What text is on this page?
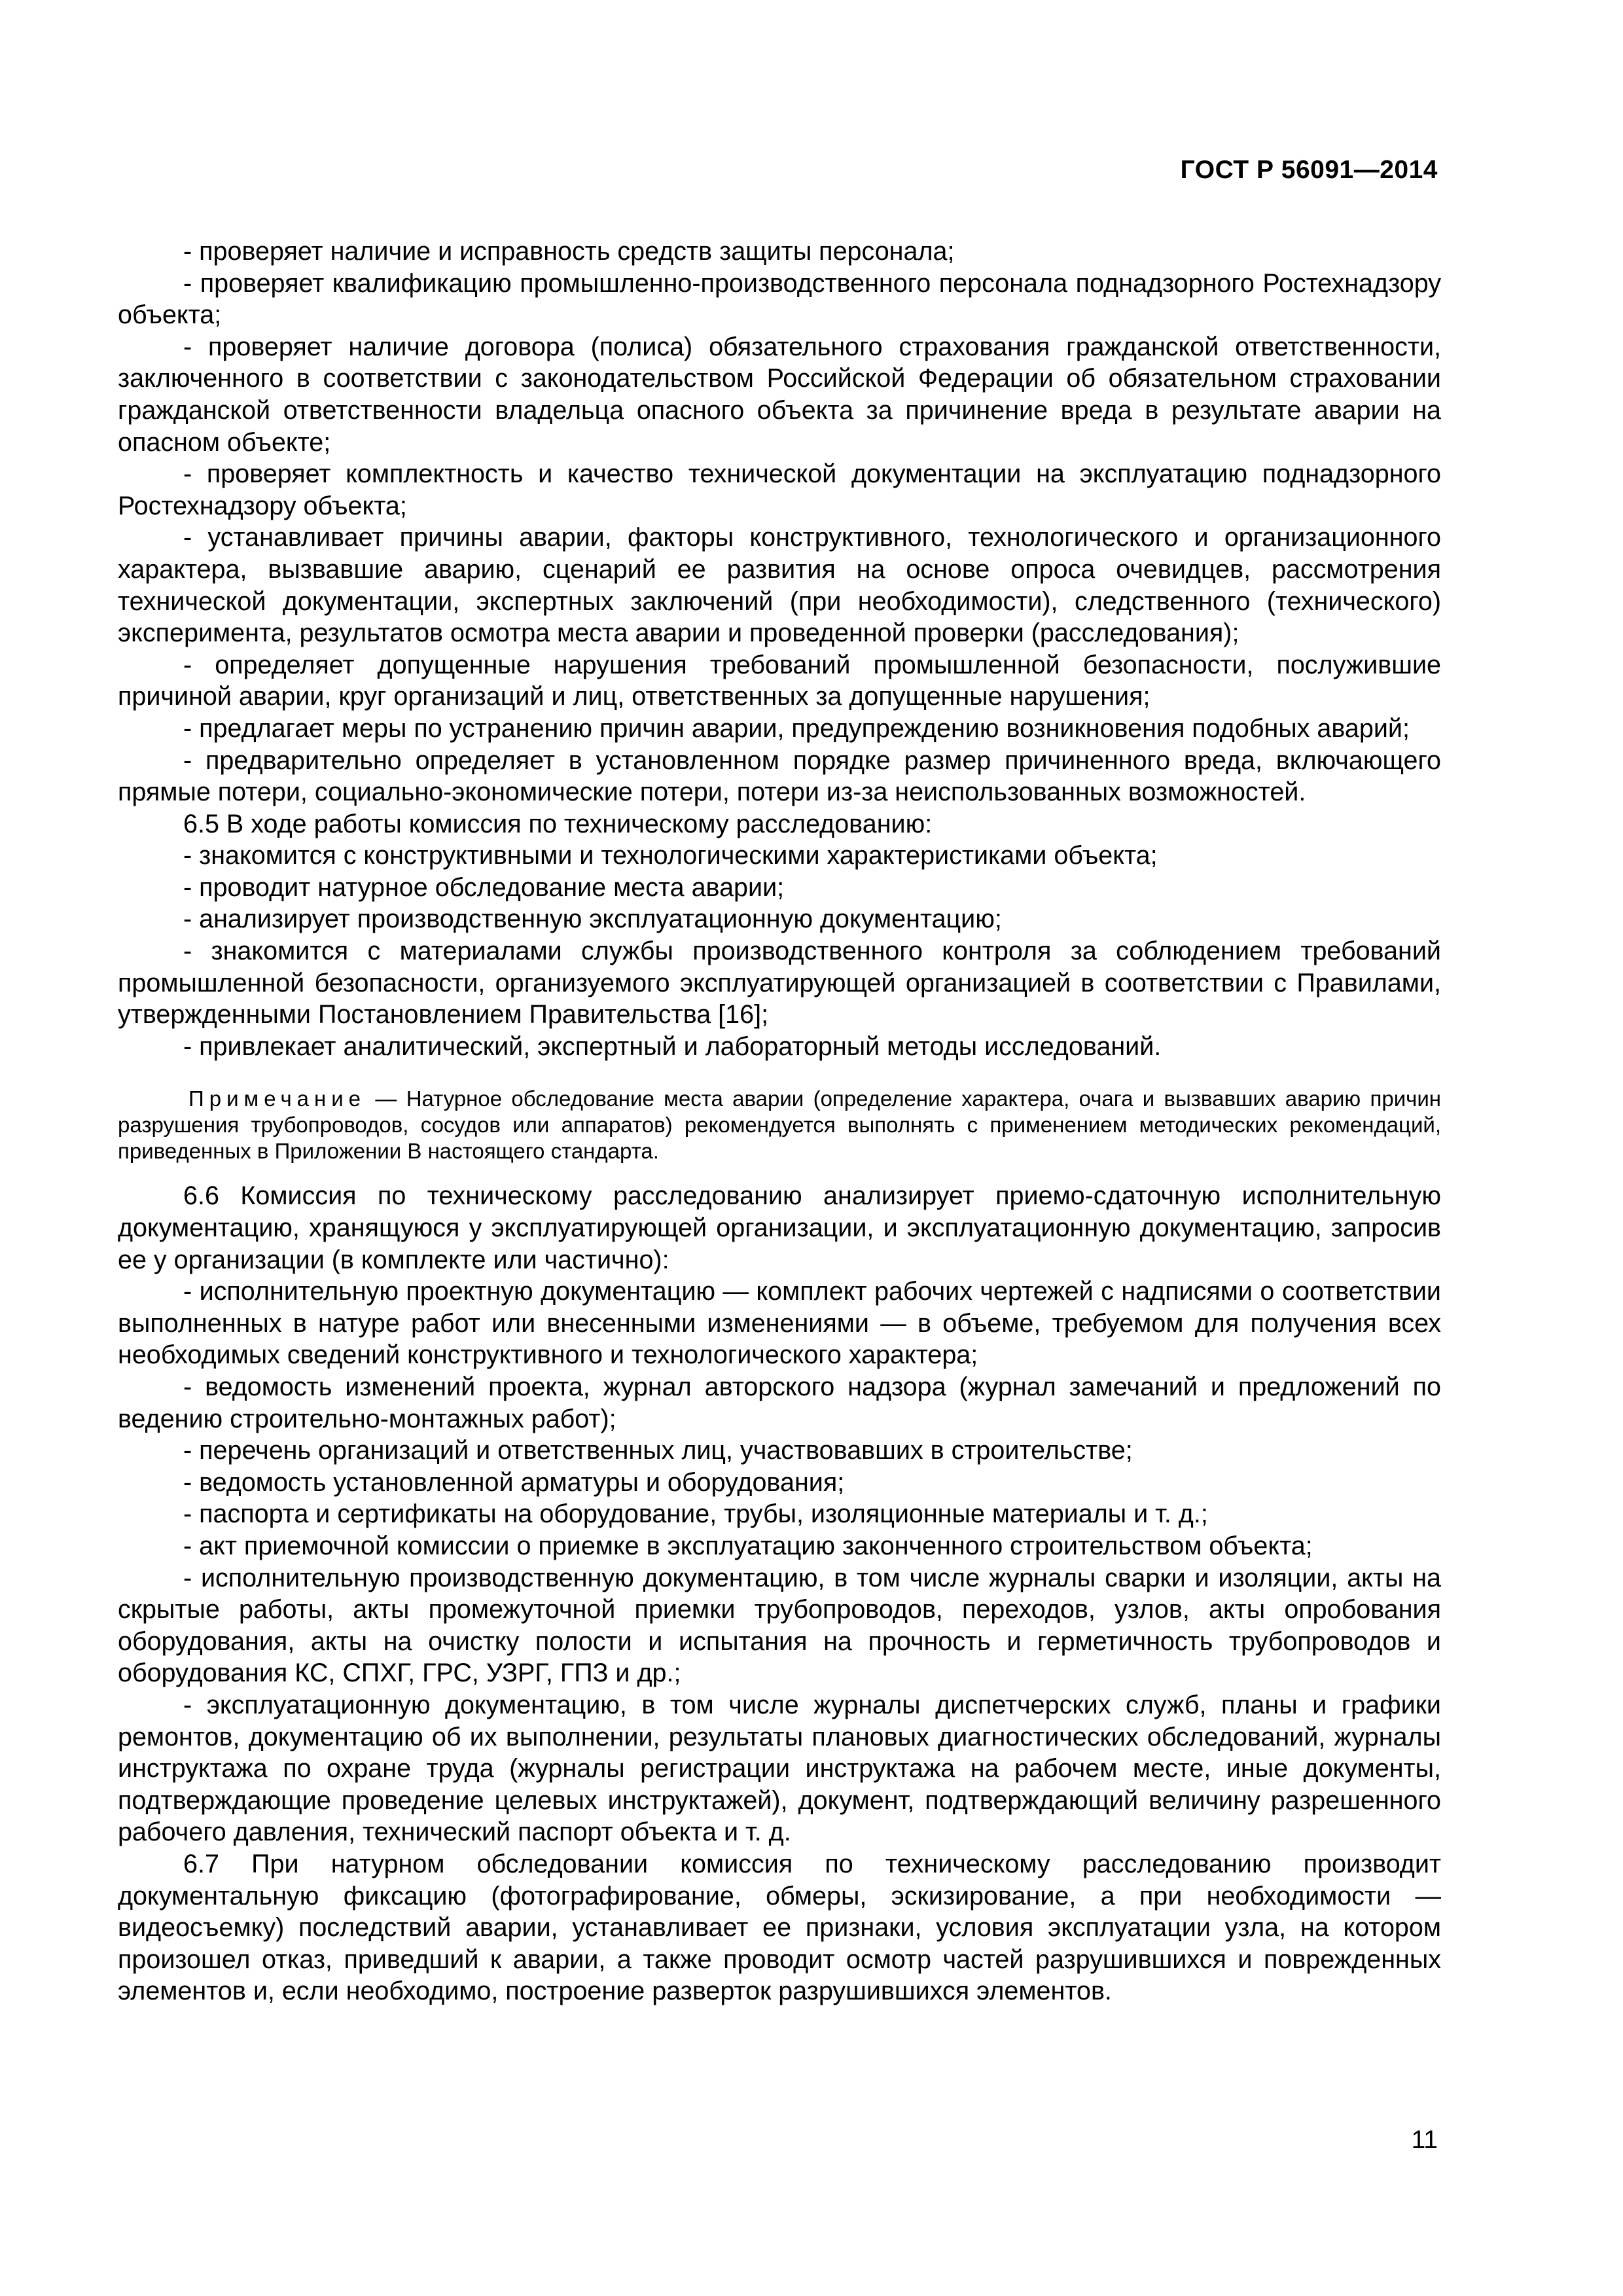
ГОСТ Р 56091—2014

- проверяет наличие и исправность средств защиты персонала;

- проверяет квалификацию промышленно-производственного персонала поднадзорного Ростехнадзору объекта;

- проверяет наличие договора (полиса) обязательного страхования гражданской ответственности, заключенного в соответствии с законодательством Российской Федерации об обязательном страховании гражданской ответственности владельца опасного объекта за причинение вреда в результате аварии на опасном объекте;

- проверяет комплектность и качество технической документации на эксплуатацию поднадзорного Ростехнадзору объекта;

- устанавливает причины аварии, факторы конструктивного, технологического и организационного характера, вызвавшие аварию, сценарий ее развития на основе опроса очевидцев, рассмотрения технической документации, экспертных заключений (при необходимости), следственного (технического) эксперимента, результатов осмотра места аварии и проведенной проверки (расследования);

- определяет допущенные нарушения требований промышленной безопасности, послужившие причиной аварии, круг организаций и лиц, ответственных за допущенные нарушения;

- предлагает меры по устранению причин аварии, предупреждению возникновения подобных аварий;

- предварительно определяет в установленном порядке размер причиненного вреда, включающего прямые потери, социально-экономические потери, потери из-за неиспользованных возможностей.

6.5 В ходе работы комиссия по техническому расследованию:

- знакомится с конструктивными и технологическими характеристиками объекта;

- проводит натурное обследование места аварии;

- анализирует производственную эксплуатационную документацию;

- знакомится с материалами службы производственного контроля за соблюдением требований промышленной безопасности, организуемого эксплуатирующей организацией в соответствии с Правилами, утвержденными Постановлением Правительства [16];

- привлекает аналитический, экспертный и лабораторный методы исследований.

Примечание — Натурное обследование места аварии (определение характера, очага и вызвавших аварию причин разрушения трубопроводов, сосудов или аппаратов) рекомендуется выполнять с применением методических рекомендаций, приведенных в Приложении В настоящего стандарта.

6.6 Комиссия по техническому расследованию анализирует приемо-сдаточную исполнительную документацию, хранящуюся у эксплуатирующей организации, и эксплуатационную документацию, запросив ее у организации (в комплекте или частично):

- исполнительную проектную документацию — комплект рабочих чертежей с надписями о соответствии выполненных в натуре работ или внесенными изменениями — в объеме, требуемом для получения всех необходимых сведений конструктивного и технологического характера;

- ведомость изменений проекта, журнал авторского надзора (журнал замечаний и предложений по ведению строительно-монтажных работ);

- перечень организаций и ответственных лиц, участвовавших в строительстве;

- ведомость установленной арматуры и оборудования;

- паспорта и сертификаты на оборудование, трубы, изоляционные материалы и т. д.;

- акт приемочной комиссии о приемке в эксплуатацию законченного строительством объекта;

- исполнительную производственную документацию, в том числе журналы сварки и изоляции, акты на скрытые работы, акты промежуточной приемки трубопроводов, переходов, узлов, акты опробования оборудования, акты на очистку полости и испытания на прочность и герметичность трубопроводов и оборудования КС, СПХГ, ГРС, УЗРГ, ГПЗ и др.;

- эксплуатационную документацию, в том числе журналы диспетчерских служб, планы и графики ремонтов, документацию об их выполнении, результаты плановых диагностических обследований, журналы инструктажа по охране труда (журналы регистрации инструктажа на рабочем месте, иные документы, подтверждающие проведение целевых инструктажей), документ, подтверждающий величину разрешенного рабочего давления, технический паспорт объекта и т. д.

6.7 При натурном обследовании комиссия по техническому расследованию производит документальную фиксацию (фотографирование, обмеры, эскизирование, а при необходимости — видеосъемку) последствий аварии, устанавливает ее признаки, условия эксплуатации узла, на котором произошел отказ, приведший к аварии, а также проводит осмотр частей разрушившихся и поврежденных элементов и, если необходимо, построение разверток разрушившихся элементов.

11
